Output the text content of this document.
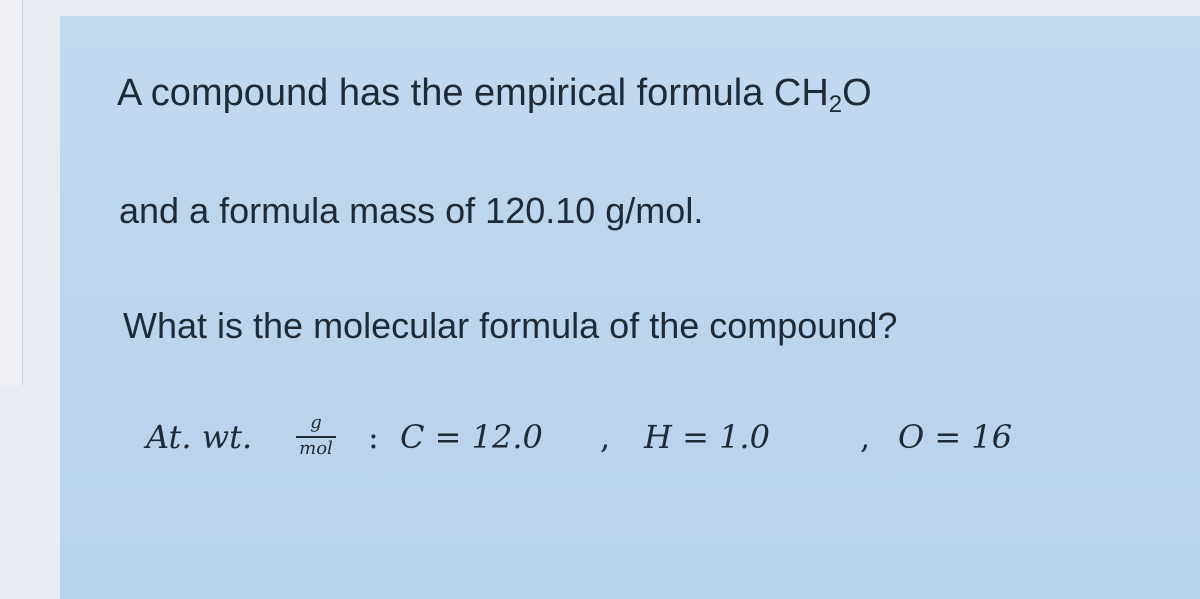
A compound has the empirical formula $CH_2O$
and a formula mass of 120.10 g/mol.
What is the molecular formula of the compound?
At. wt.	g
mol : C = 12.0 , H = 1.0	, O = 16
